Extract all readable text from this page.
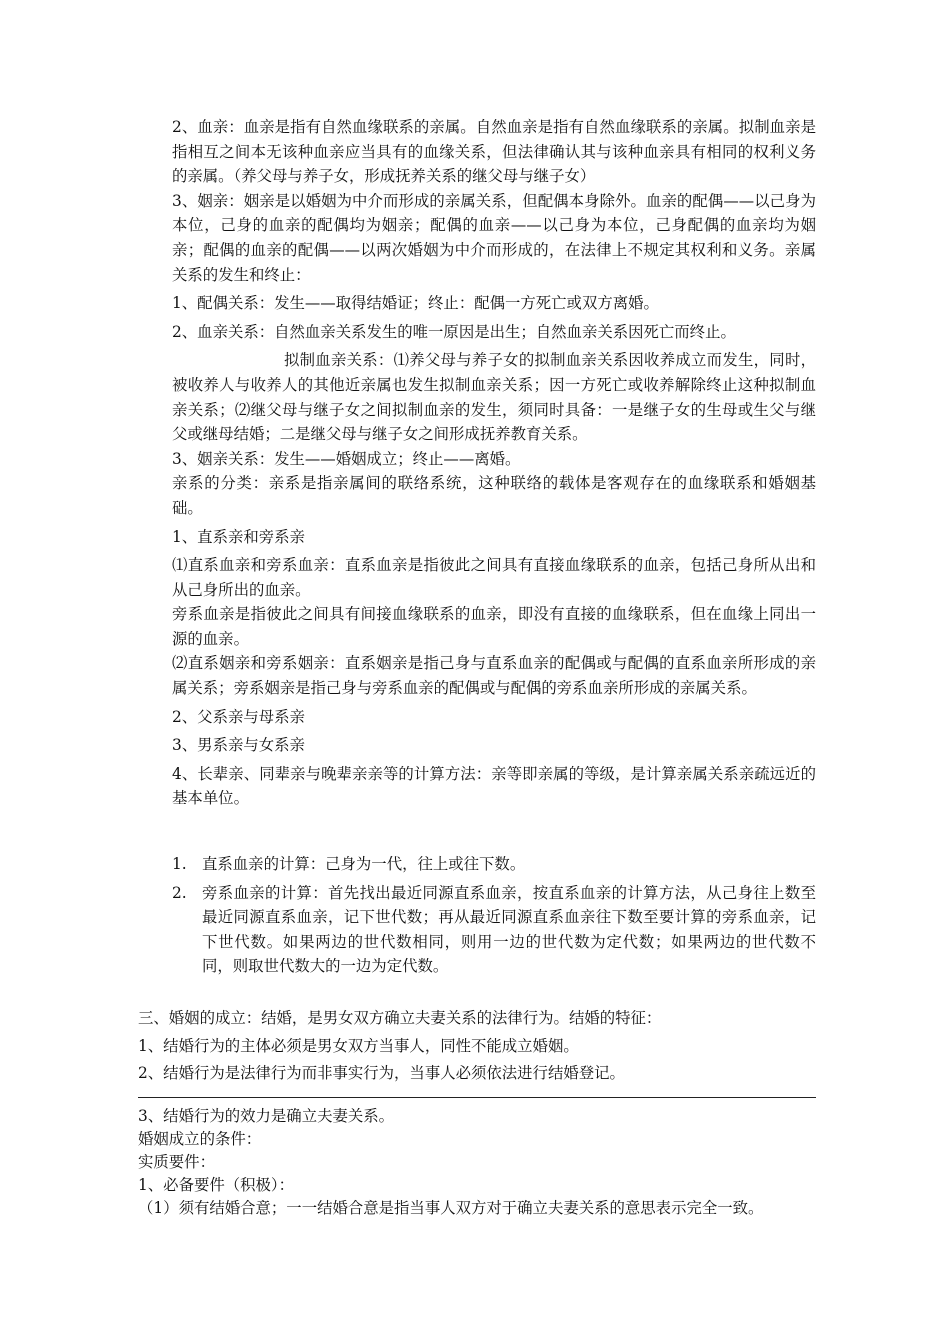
2、血亲：血亲是指有自然血缘联系的亲属。自然血亲是指有自然血缘联系的亲属。拟制血亲是指相互之间本无该种血亲应当具有的血缘关系，但法律确认其与该种血亲具有相同的权利义务的亲属。（养父母与养子女，形成抚养关系的继父母与继子女）

3、姻亲：姻亲是以婚姻为中介而形成的亲属关系，但配偶本身除外。血亲的配偶——以己身为本位，己身的血亲的配偶均为姻亲；配偶的血亲——以己身为本位，己身配偶的血亲均为姻亲；配偶的血亲的配偶——以两次婚姻为中介而形成的，在法律上不规定其权利和义务。亲属关系的发生和终止：

1、配偶关系：发生——取得结婚证；终止：配偶一方死亡或双方离婚。

2、血亲关系：自然血亲关系发生的唯一原因是出生；自然血亲关系因死亡而终止。

拟制血亲关系：⑴养父母与养子女的拟制血亲关系因收养成立而发生，同时，被收养人与收养人的其他近亲属也发生拟制血亲关系；因一方死亡或收养解除终止这种拟制血亲关系；⑵继父母与继子女之间拟制血亲的发生，须同时具备：一是继子女的生母或生父与继父或继母结婚；二是继父母与继子女之间形成抚养教育关系。

3、姻亲关系：发生——婚姻成立；终止——离婚。

亲系的分类：亲系是指亲属间的联络系统，这种联络的载体是客观存在的血缘联系和婚姻基础。

1、直系亲和旁系亲

⑴直系血亲和旁系血亲：直系血亲是指彼此之间具有直接血缘联系的血亲，包括己身所从出和从己身所出的血亲。

旁系血亲是指彼此之间具有间接血缘联系的血亲，即没有直接的血缘联系，但在血缘上同出一源的血亲。

⑵直系姻亲和旁系姻亲：直系姻亲是指己身与直系血亲的配偶或与配偶的直系血亲所形成的亲属关系；旁系姻亲是指己身与旁系血亲的配偶或与配偶的旁系血亲所形成的亲属关系。

2、父系亲与母系亲

3、男系亲与女系亲

4、长辈亲、同辈亲与晚辈亲亲等的计算方法：亲等即亲属的等级，是计算亲属关系亲疏远近的基本单位。

1. 直系血亲的计算：己身为一代，往上或往下数。
2. 旁系血亲的计算：首先找出最近同源直系血亲，按直系血亲的计算方法，从己身往上数至最近同源直系血亲，记下世代数；再从最近同源直系血亲往下数至要计算的旁系血亲，记下世代数。如果两边的世代数相同，则用一边的世代数为定代数；如果两边的世代数不同，则取世代数大的一边为定代数。

三、婚姻的成立：结婚，是男女双方确立夫妻关系的法律行为。结婚的特征：

1、结婚行为的主体必须是男女双方当事人，同性不能成立婚姻。

2、结婚行为是法律行为而非事实行为，当事人必须依法进行结婚登记。

3、结婚行为的效力是确立夫妻关系。

婚姻成立的条件：

实质要件：

1、必备要件（积极）：

（1）须有结婚合意；一一结婚合意是指当事人双方对于确立夫妻关系的意思表示完全一致。
